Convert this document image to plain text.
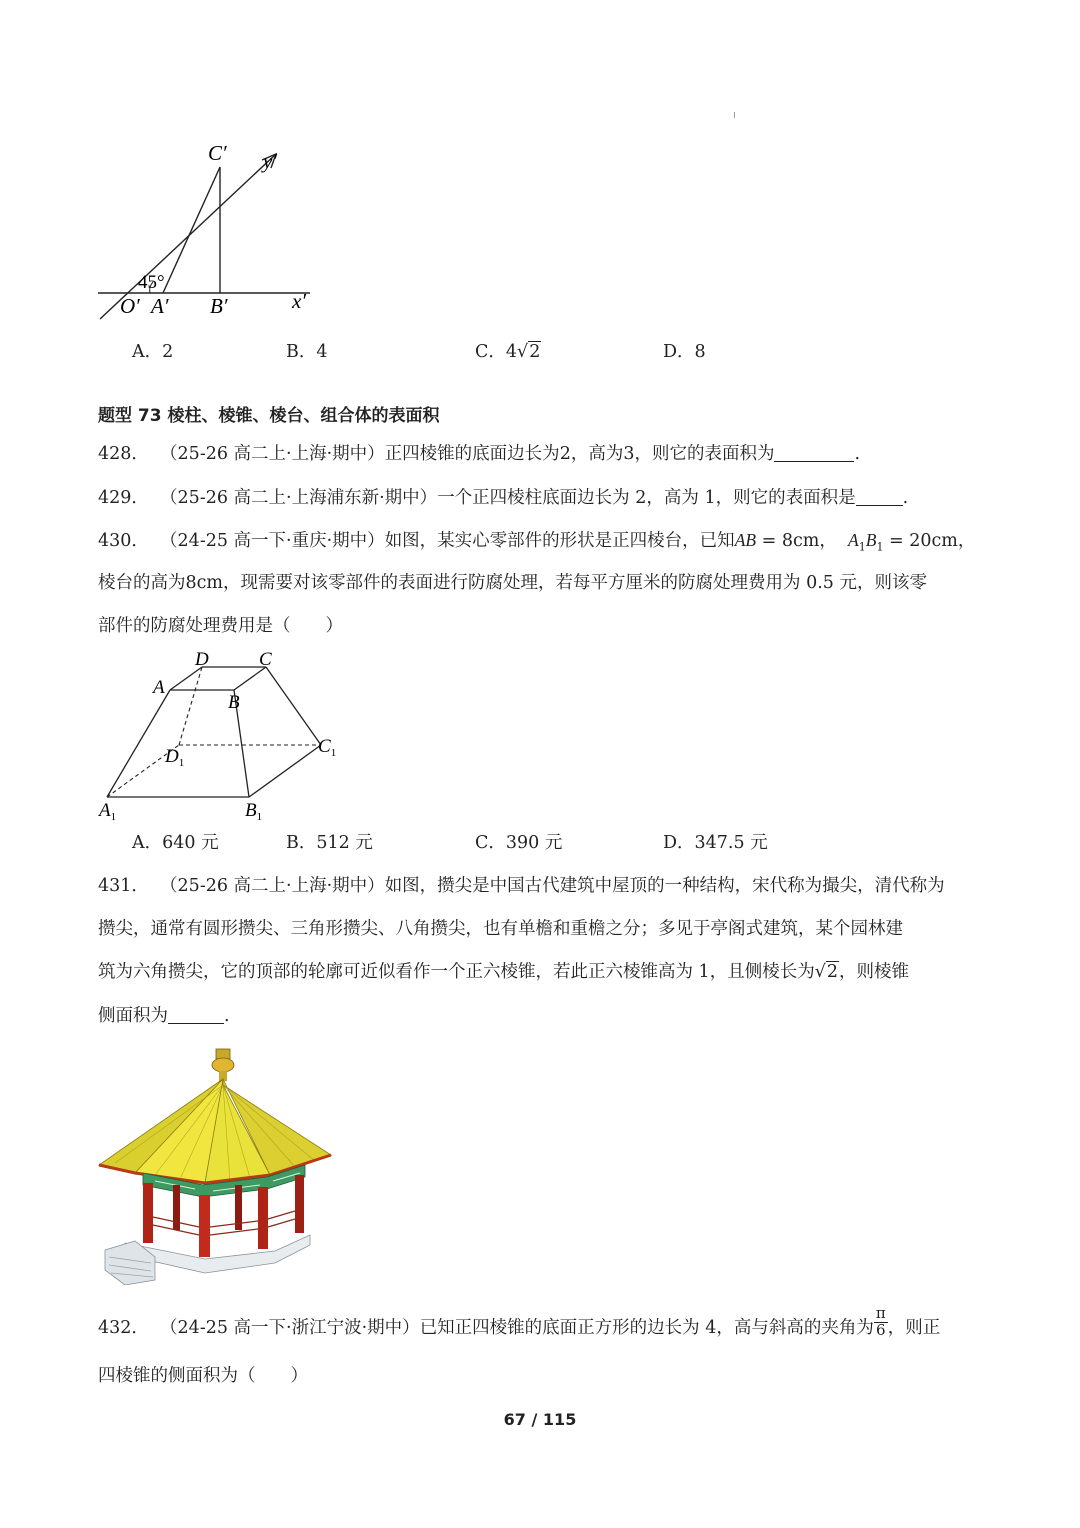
C′ y′
45°
O′ A′ B′	x′
A．2	B．4	C．4√2	D．8
题型 73 棱柱、棱锥、棱台、组合体的表面积
428． （25-26 高二上·上海·期中）正四棱锥的底面边长为2，高为3，则它的表面积为	.
429． （25-26 高二上·上海浦东新·期中）一个正四棱柱底面边长为 2，高为 1，则它的表面积是	.
430． （24-25 高一下·重庆·期中）如图，某实心零部件的形状是正四棱台，已知AB = 8cm， $A_1B_1 = 20cm$，
棱台的高为8cm，现需要对该零部件的表面进行防腐处理，若每平方厘米的防腐处理费用为 0.5 元，则该零
部件的防腐处理费用是（　　）
D	C
A
B
$D_1$
$C_1$
$A_1$	$B_1$
A．640 元	B．512 元	C．390 元	D．347.5 元
431． （25-26 高二上·上海·期中）如图，攒尖是中国古代建筑中屋顶的一种结构，宋代称为撮尖，清代称为
攒尖，通常有圆形攒尖、三角形攒尖、八角攒尖，也有单檐和重檐之分；多见于亭阁式建筑，某个园林建
筑为六角攒尖，它的顶部的轮廓可近似看作一个正六棱锥，若此正六棱锥高为 1，且侧棱长为√2，则棱锥
侧面积为	.
432． （24-25 高一下·浙江宁波·期中）已知正四棱锥的底面正方形的边长为 4，高与斜高的夹角为 $\frac{\pi}{6}$ ，则正
四棱锥的侧面积为（　　）
67 / 115
